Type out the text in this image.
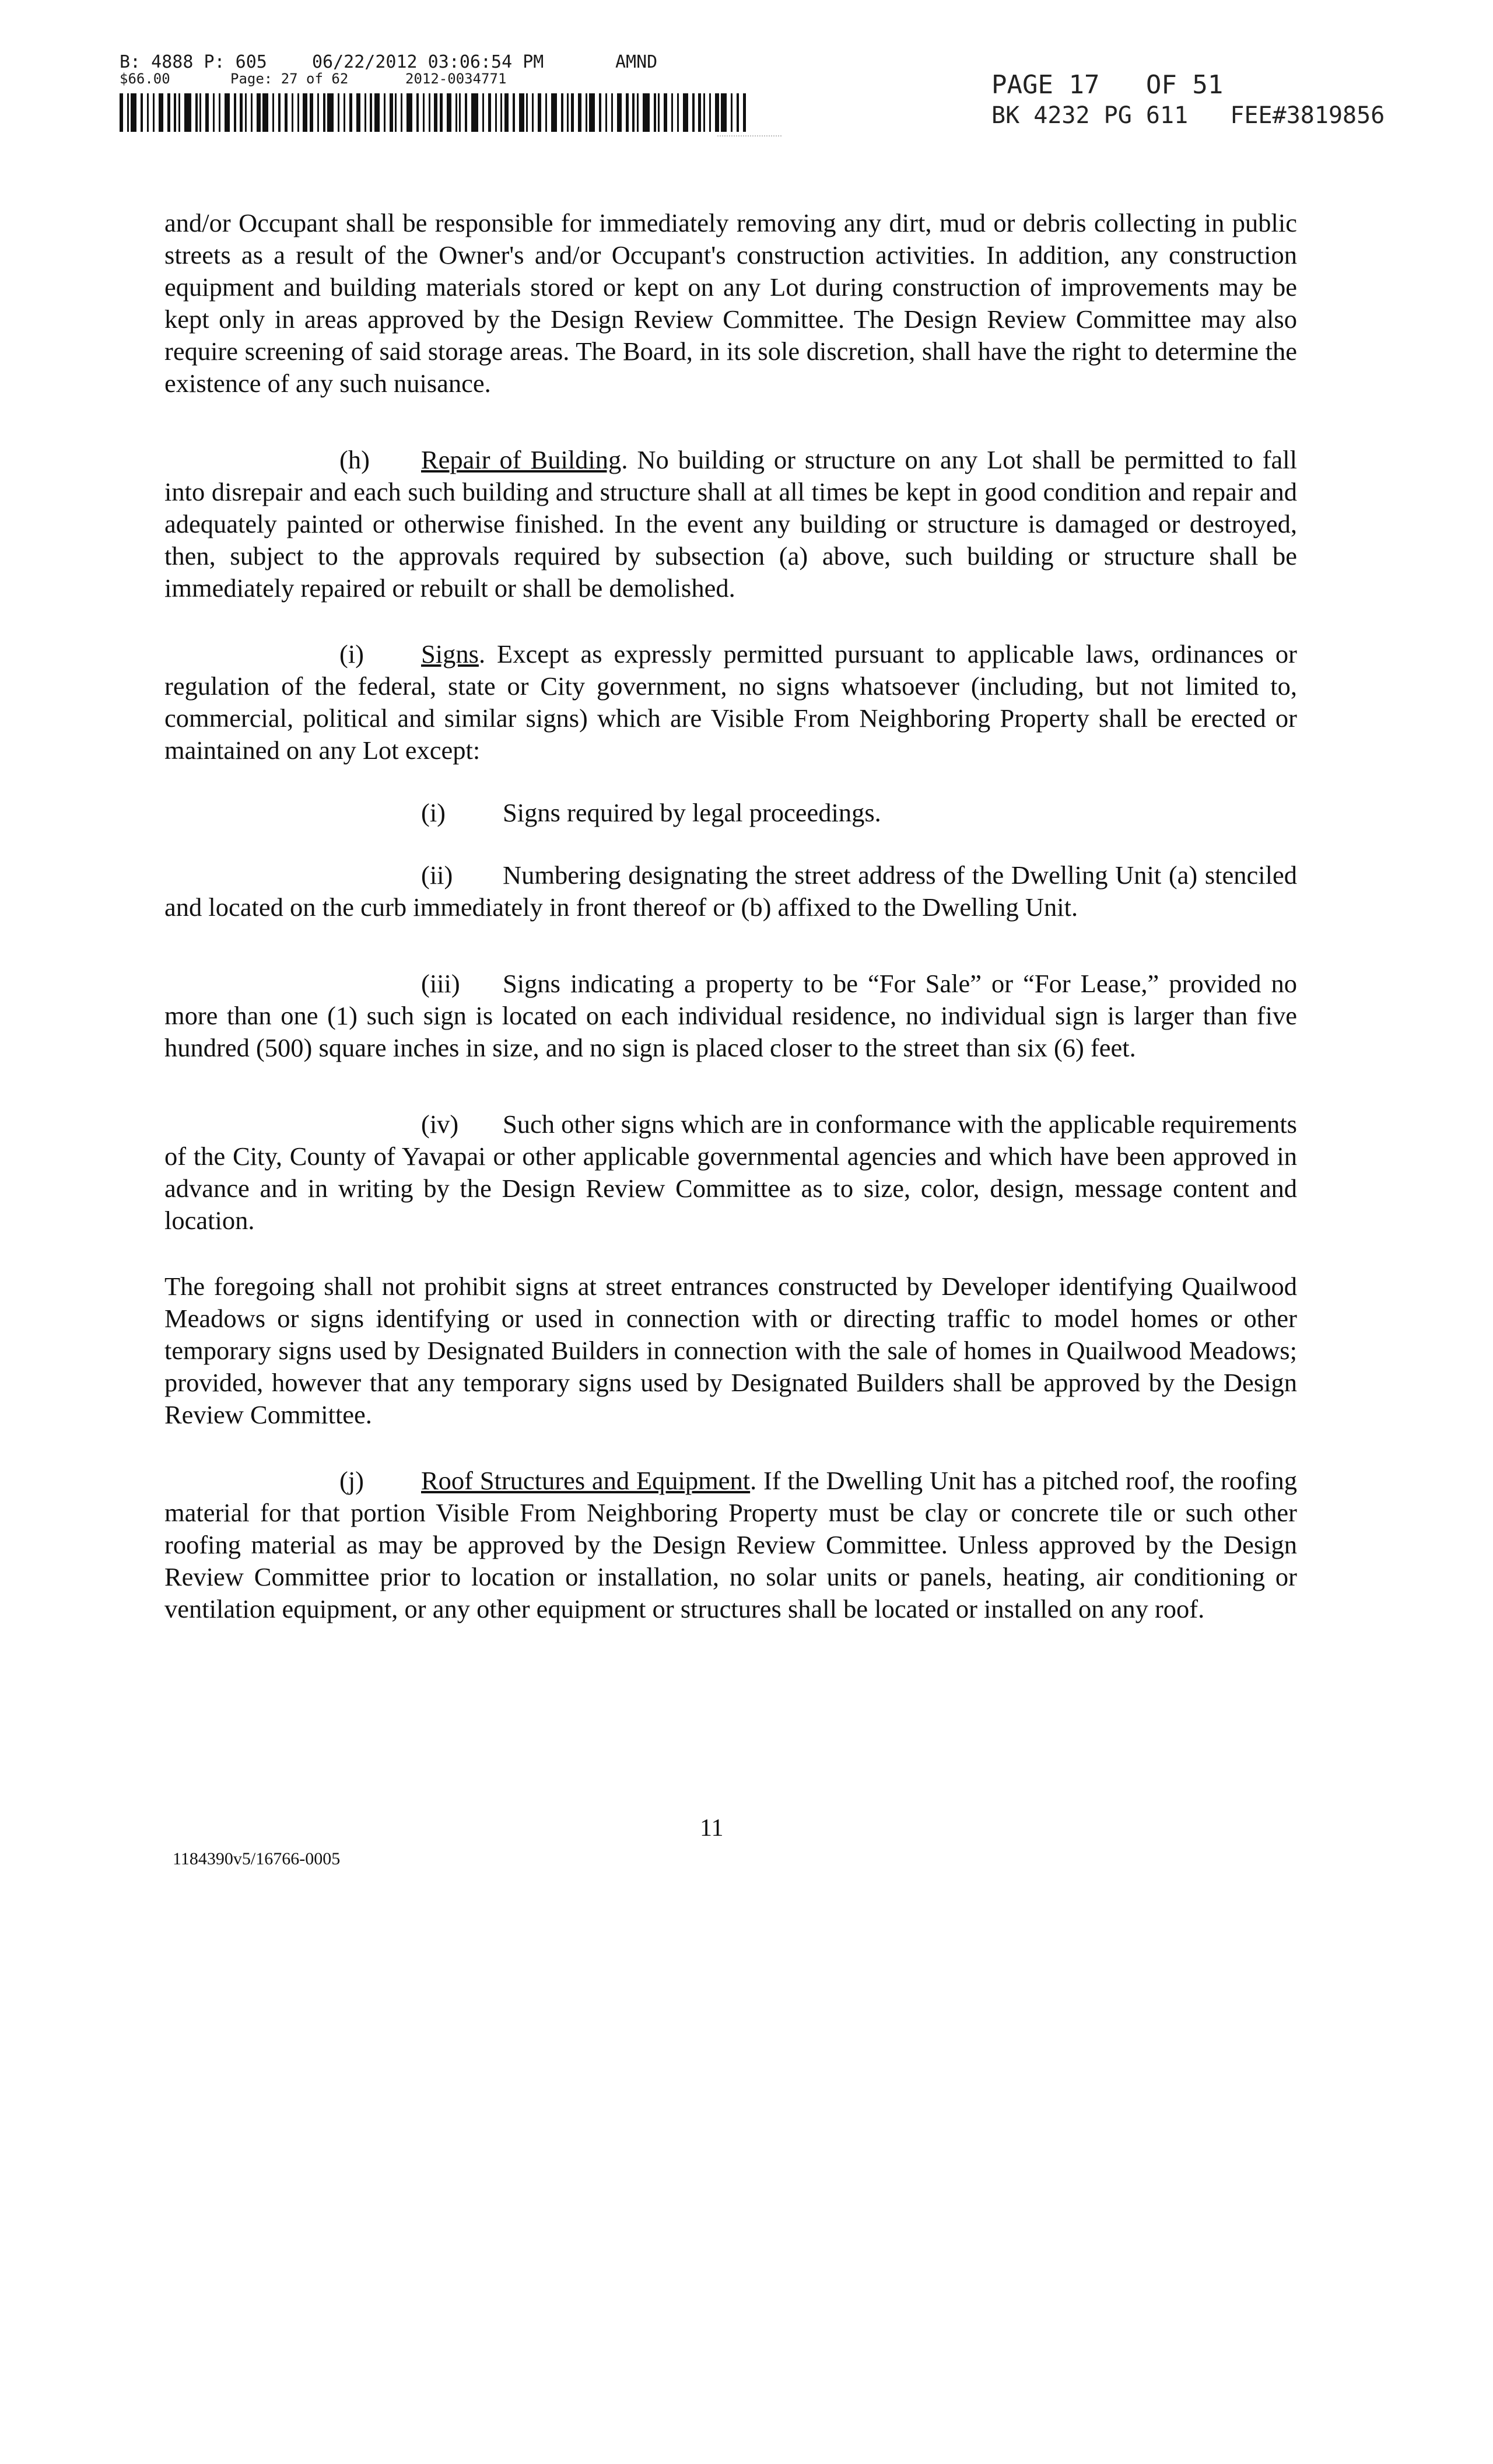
B: 4888 P: 605	06/22/2012 03:06:54 PM	AMND
$66.00	Page: 27 of 62	2012-0034771	PAGE 17   OF 51
BK 4232 PG 611   FEE#3819856

and/or Occupant shall be responsible for immediately removing any dirt, mud or debris collecting in public streets as a result of the Owner's and/or Occupant's construction activities. In addition, any construction equipment and building materials stored or kept on any Lot during construction of improvements may be kept only in areas approved by the Design Review Committee. The Design Review Committee may also require screening of said storage areas. The Board, in its sole discretion, shall have the right to determine the existence of any such nuisance.

(h) Repair of Building. No building or structure on any Lot shall be permitted to fall into disrepair and each such building and structure shall at all times be kept in good condition and repair and adequately painted or otherwise finished. In the event any building or structure is damaged or destroyed, then, subject to the approvals required by subsection (a) above, such building or structure shall be immediately repaired or rebuilt or shall be demolished.

(i) Signs. Except as expressly permitted pursuant to applicable laws, ordinances or regulation of the federal, state or City government, no signs whatsoever (including, but not limited to, commercial, political and similar signs) which are Visible From Neighboring Property shall be erected or maintained on any Lot except:

(i) Signs required by legal proceedings.

(ii) Numbering designating the street address of the Dwelling Unit (a) stenciled and located on the curb immediately in front thereof or (b) affixed to the Dwelling Unit.

(iii) Signs indicating a property to be “For Sale” or “For Lease,” provided no more than one (1) such sign is located on each individual residence, no individual sign is larger than five hundred (500) square inches in size, and no sign is placed closer to the street than six (6) feet.

(iv) Such other signs which are in conformance with the applicable requirements of the City, County of Yavapai or other applicable governmental agencies and which have been approved in advance and in writing by the Design Review Committee as to size, color, design, message content and location.

The foregoing shall not prohibit signs at street entrances constructed by Developer identifying Quailwood Meadows or signs identifying or used in connection with or directing traffic to model homes or other temporary signs used by Designated Builders in connection with the sale of homes in Quailwood Meadows; provided, however that any temporary signs used by Designated Builders shall be approved by the Design Review Committee.

(j) Roof Structures and Equipment. If the Dwelling Unit has a pitched roof, the roofing material for that portion Visible From Neighboring Property must be clay or concrete tile or such other roofing material as may be approved by the Design Review Committee. Unless approved by the Design Review Committee prior to location or installation, no solar units or panels, heating, air conditioning or ventilation equipment, or any other equipment or structures shall be located or installed on any roof.

11
1184390v5/16766-0005
